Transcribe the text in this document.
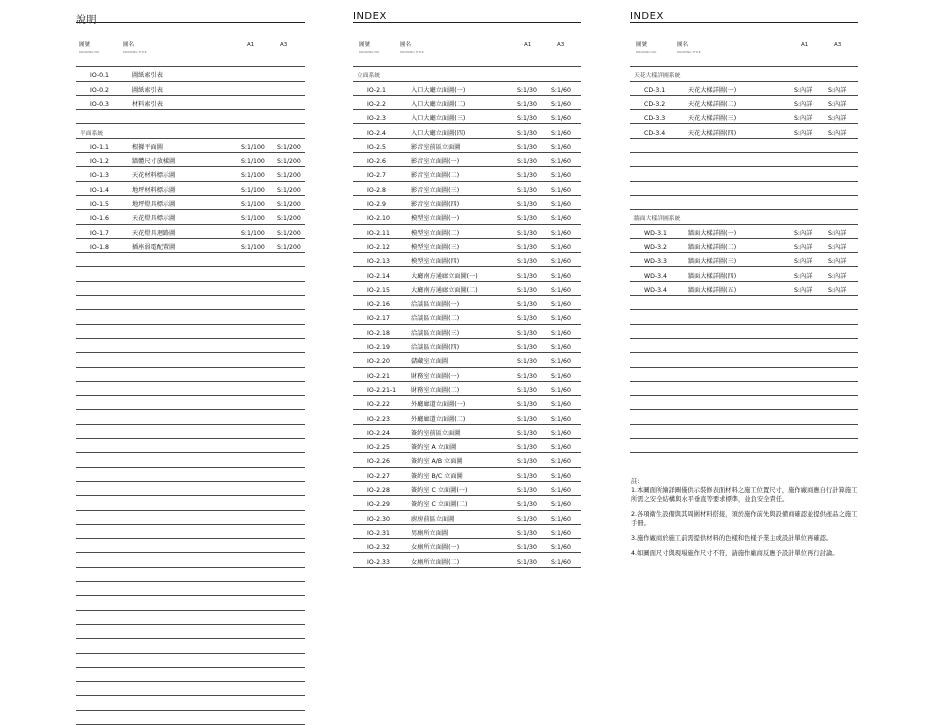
說明
圖號	圖名	A1	A3
DRAWING NO.	DRAWING TITLE
IO-0.1	圖紙索引表
IO-0.2	圖紙索引表
IO-0.3	材料索引表
平面系統
IO-1.1	根據平面圖	S:1/100 S:1/200
IO-1.2	牆體尺寸放樣圖	S:1/100 S:1/200
IO-1.3	天花材料標示圖	S:1/100 S:1/200
IO-1.4	地坪材料標示圖	S:1/100 S:1/200
IO-1.5	地坪燈具標示圖	S:1/100 S:1/200
IO-1.6	天花燈具標示圖	S:1/100 S:1/200
IO-1.7	天花燈具迴路圖	S:1/100 S:1/200
IO-1.8	插座弱電配置圖	S:1/100 S:1/200
INDEX
圖號	圖名	A1	A3
DRAWING NO.	DRAWING TITLE
立面系統
IO-2.1	入口大廳立面圖(一)	S:1/30 S:1/60
IO-2.2	入口大廳立面圖(二)	S:1/30 S:1/60
IO-2.3	入口大廳立面圖(三)	S:1/30 S:1/60
IO-2.4	入口大廳立面圖(四)	S:1/30 S:1/60
IO-2.5	影音室前區立面圖	S:1/30 S:1/60
IO-2.6	影音室立面圖(一)	S:1/30 S:1/60
IO-2.7	影音室立面圖(二)	S:1/30 S:1/60
IO-2.8	影音室立面圖(三)	S:1/30 S:1/60
IO-2.9	影音室立面圖(四)	S:1/30 S:1/60
IO-2.10	模型室立面圖(一)	S:1/30 S:1/60
IO-2.11	模型室立面圖(二)	S:1/30 S:1/60
IO-2.12	模型室立面圖(三)	S:1/30 S:1/60
IO-2.13	模型室立面圖(四)	S:1/30 S:1/60
IO-2.14	大廳南方通廊立面圖(一)	S:1/30 S:1/60
IO-2.15	大廳南方通廊立面圖(二)	S:1/30 S:1/60
IO-2.16	洽談區立面圖(一)	S:1/30 S:1/60
IO-2.17	洽談區立面圖(二)	S:1/30 S:1/60
IO-2.18	洽談區立面圖(三)	S:1/30 S:1/60
IO-2.19	洽談區立面圖(四)	S:1/30 S:1/60
IO-2.20	儲藏室立面圖	S:1/30 S:1/60
IO-2.21	財務室立面圖(一)	S:1/30 S:1/60
IO-2.21-1 財務室立面圖(二)	S:1/30 S:1/60
IO-2.22	外廳廊道立面圖(一)	S:1/30 S:1/60
IO-2.23	外廳廊道立面圖(二)	S:1/30 S:1/60
IO-2.24	簽約室前區立面圖	S:1/30 S:1/60
IO-2.25	簽約室 A 立面圖	S:1/30 S:1/60
IO-2.26	簽約室 A/B 立面圖	S:1/30 S:1/60
IO-2.27	簽約室 B/C 立面圖	S:1/30 S:1/60
IO-2.28	簽約室 C 立面圖(一)	S:1/30 S:1/60
IO-2.29	簽約室 C 立面圖(二)	S:1/30 S:1/60
IO-2.30	廚房前區立面圖	S:1/30 S:1/60
IO-2.31	男廁所立面圖	S:1/30 S:1/60
IO-2.32	女廁所立面圖(一)	S:1/30 S:1/60
IO-2.33	女廁所立面圖(二)	S:1/30 S:1/60
INDEX
圖號	圖名	A1	A3
DRAWING NO.	DRAWING TITLE
天花大樣詳圖系統
CD-3.1	天花大樣詳圖(一)	S:內詳	S:內詳
CD-3.2	天花大樣詳圖(二)	S:內詳	S:內詳
CD-3.3	天花大樣詳圖(三)	S:內詳	S:內詳
CD-3.4	天花大樣詳圖(四)	S:內詳	S:內詳
牆面大樣詳圖系統
WD-3.1	牆面大樣詳圖(一)	S:內詳	S:內詳
WD-3.2	牆面大樣詳圖(二)	S:內詳	S:內詳
WD-3.3	牆面大樣詳圖(三)	S:內詳	S:內詳
WD-3.4	牆面大樣詳圖(四)	S:內詳	S:內詳
WD-3.4	牆面大樣詳圖(五)	S:內詳	S:內詳

註:

1.本圖面所繪詳圖僅供示裝修表面材料之施工位置尺寸，施作廠商應自行計算施工所需之安全結構與水平垂直等要求標準，並負安全責任。

2.各項衛生設備與其周圍材料搭接，須於施作前先與設備商確認並提供產品之施工手冊。

3.施作廠商於施工前需提供材料的色樣和色樣予業主或設計單位再確認。

4.如圖面尺寸與現場施作尺寸不符，請施作廠商反應予設計單位再行討論。
